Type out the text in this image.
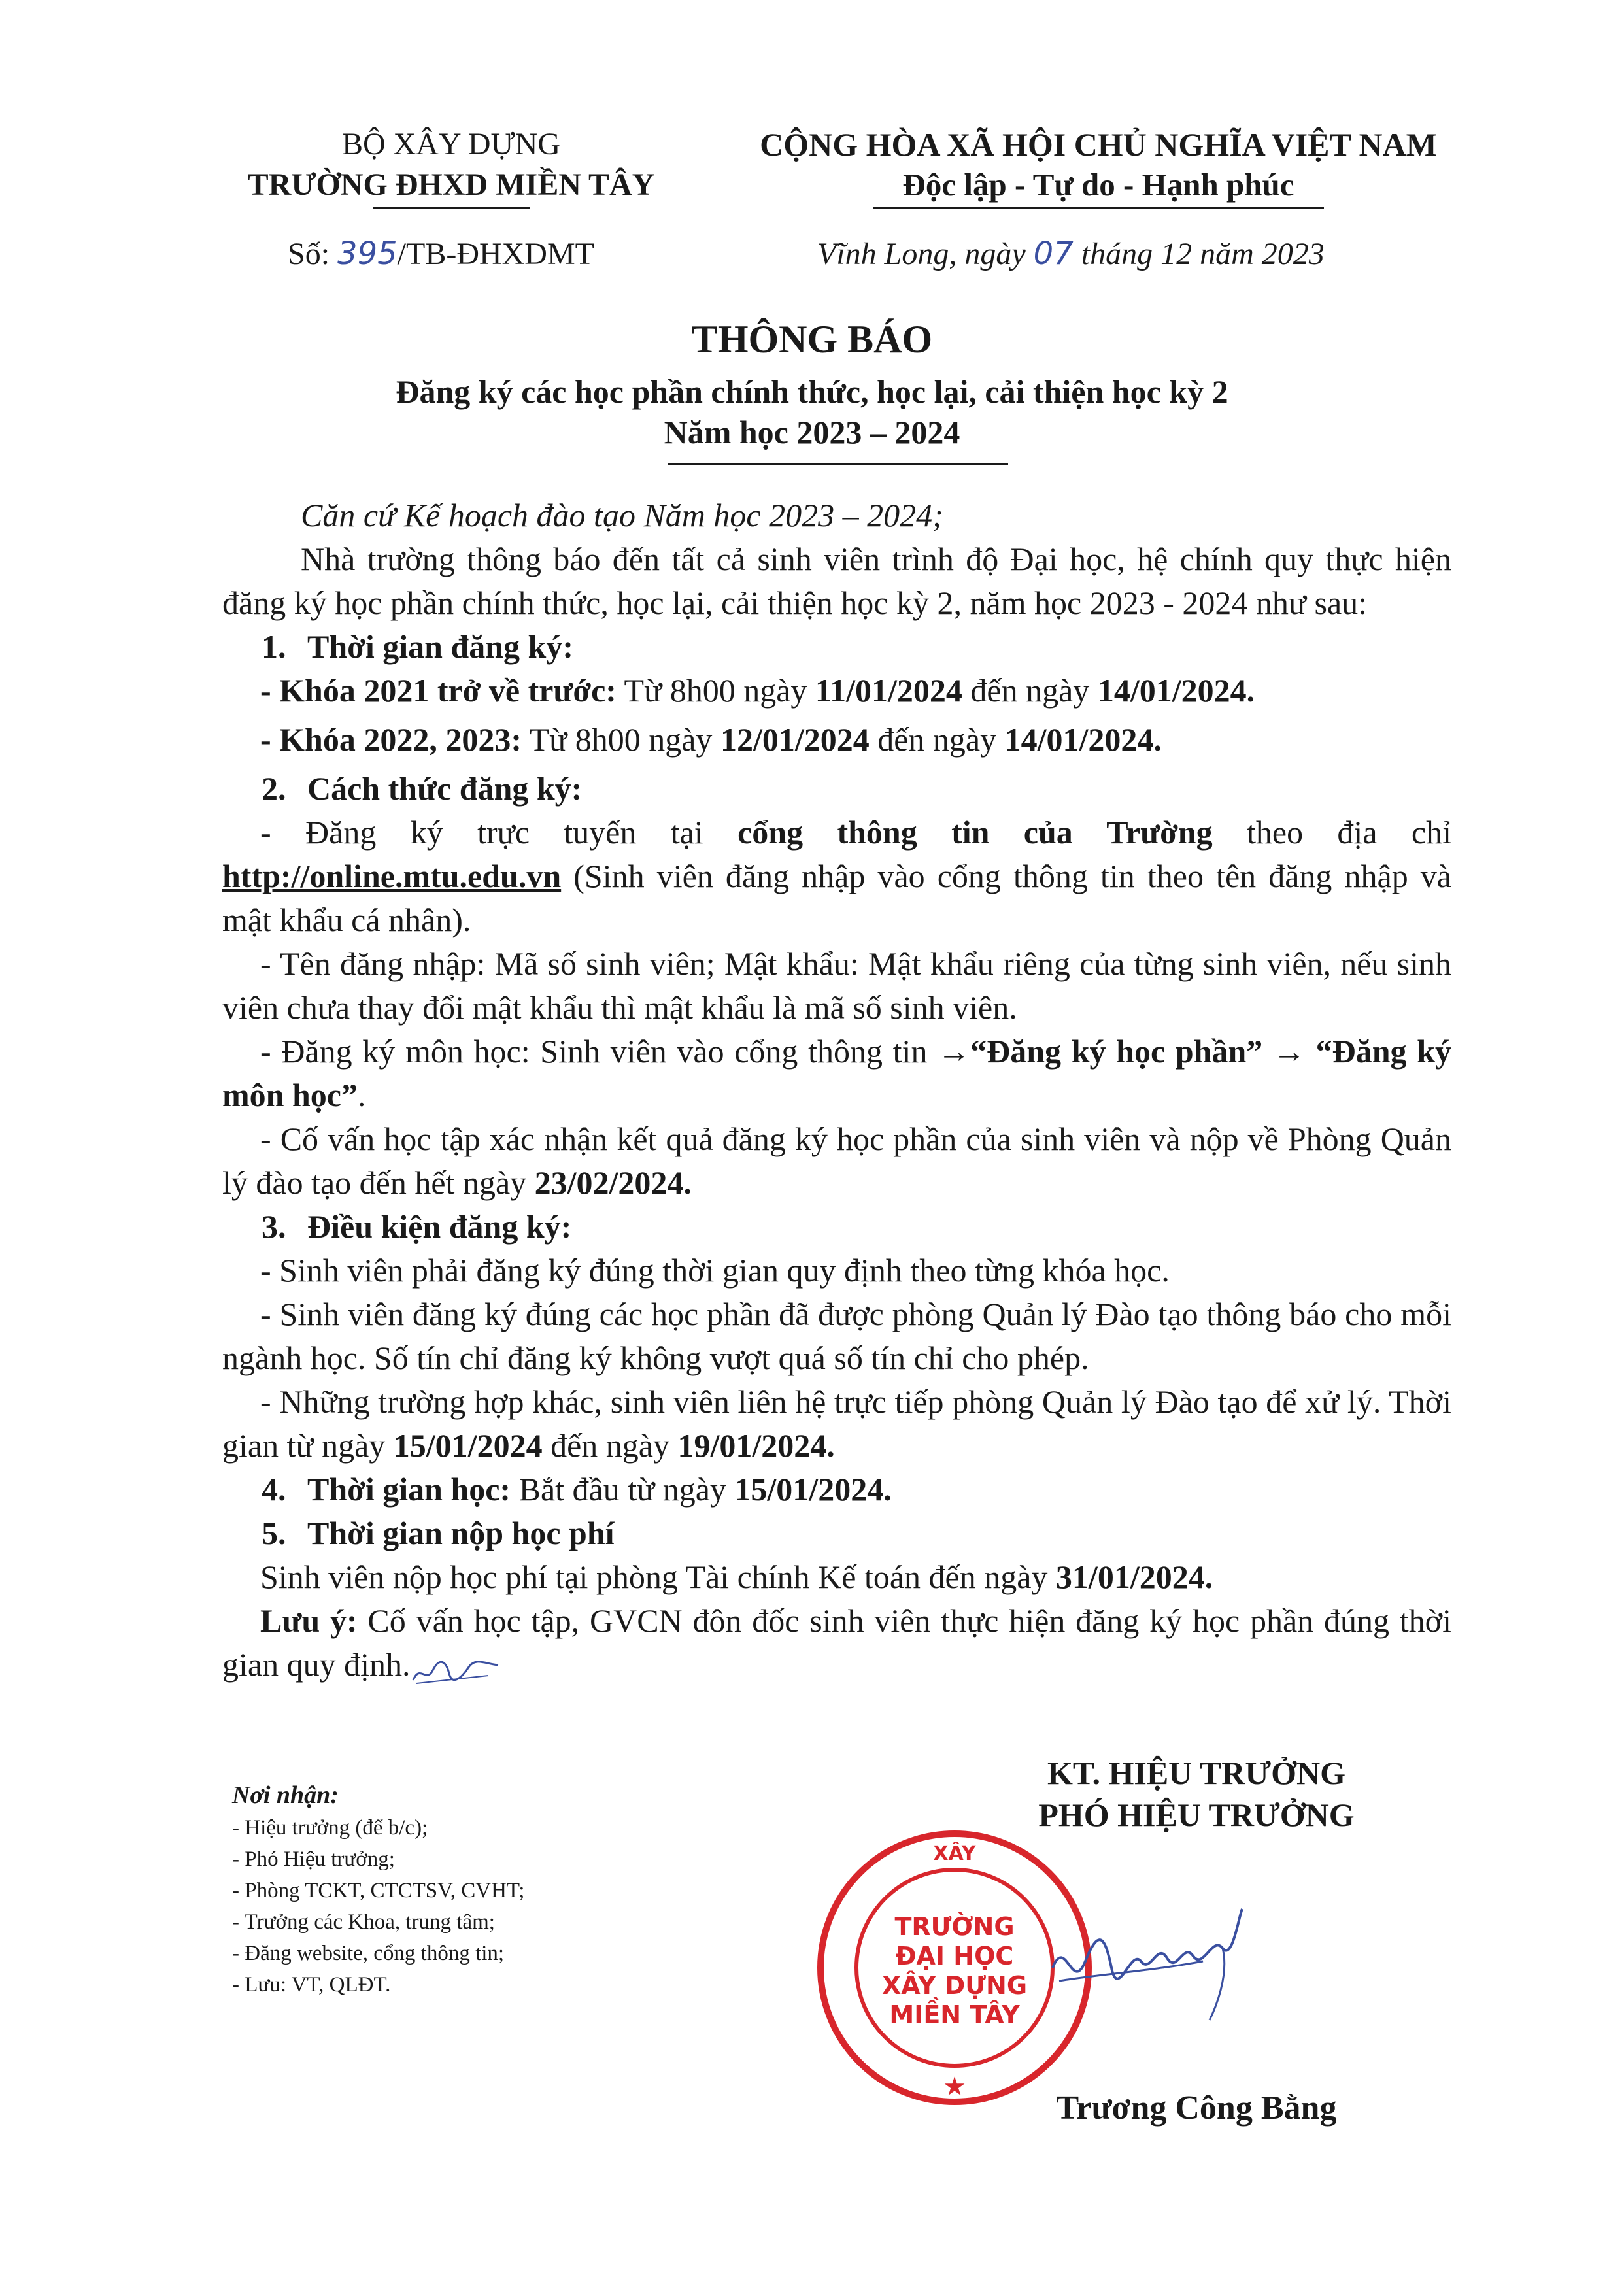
BỘ XÂY DỰNG
TRƯỜNG ĐHXD MIỀN TÂY
CỘNG HÒA XÃ HỘI CHỦ NGHĨA VIỆT NAM
Độc lập - Tự do - Hạnh phúc
Số: 395/TB-ĐHXDMT	Vĩnh Long, ngày 07 tháng 12 năm 2023
THÔNG BÁO
Đăng ký các học phần chính thức, học lại, cải thiện học kỳ 2
Năm học 2023 – 2024

Căn cứ Kế hoạch đào tạo Năm học 2023 – 2024;

Nhà trường thông báo đến tất cả sinh viên trình độ Đại học, hệ chính quy thực hiện đăng ký học phần chính thức, học lại, cải thiện học kỳ 2, năm học 2023 - 2024 như sau:

1. Thời gian đăng ký:

- Khóa 2021 trở về trước: Từ 8h00 ngày 11/01/2024 đến ngày 14/01/2024.

- Khóa 2022, 2023: Từ 8h00 ngày 12/01/2024 đến ngày 14/01/2024.

2. Cách thức đăng ký:

- Đăng ký trực tuyến tại cổng thông tin của Trường theo địa chỉ http://online.mtu.edu.vn (Sinh viên đăng nhập vào cổng thông tin theo tên đăng nhập và mật khẩu cá nhân).

- Tên đăng nhập: Mã số sinh viên; Mật khẩu: Mật khẩu riêng của từng sinh viên, nếu sinh viên chưa thay đổi mật khẩu thì mật khẩu là mã số sinh viên.

- Đăng ký môn học: Sinh viên vào cổng thông tin →“Đăng ký học phần” → “Đăng ký môn học”.

- Cố vấn học tập xác nhận kết quả đăng ký học phần của sinh viên và nộp về Phòng Quản lý đào tạo đến hết ngày 23/02/2024.

3. Điều kiện đăng ký:

- Sinh viên phải đăng ký đúng thời gian quy định theo từng khóa học.

- Sinh viên đăng ký đúng các học phần đã được phòng Quản lý Đào tạo thông báo cho mỗi ngành học. Số tín chỉ đăng ký không vượt quá số tín chỉ cho phép.

- Những trường hợp khác, sinh viên liên hệ trực tiếp phòng Quản lý Đào tạo để xử lý. Thời gian từ ngày 15/01/2024 đến ngày 19/01/2024.

4. Thời gian học: Bắt đầu từ ngày 15/01/2024.

5. Thời gian nộp học phí

Sinh viên nộp học phí tại phòng Tài chính Kế toán đến ngày 31/01/2024.

Lưu ý: Cố vấn học tập, GVCN đôn đốc sinh viên thực hiện đăng ký học phần đúng thời gian quy định.

Nơi nhận:
- Hiệu trưởng (để b/c);
- Phó Hiệu trưởng;
- Phòng TCKT, CTCTSV, CVHT;
- Trưởng các Khoa, trung tâm;
- Đăng website, cổng thông tin;
- Lưu: VT, QLĐT.
KT. HIỆU TRƯỞNG
PHÓ HIỆU TRƯỞNG
XÂY
TRƯỜNG
ĐẠI HỌC
XÂY DỰNG
MIỀN TÂY
★
Trương Công Bằng
